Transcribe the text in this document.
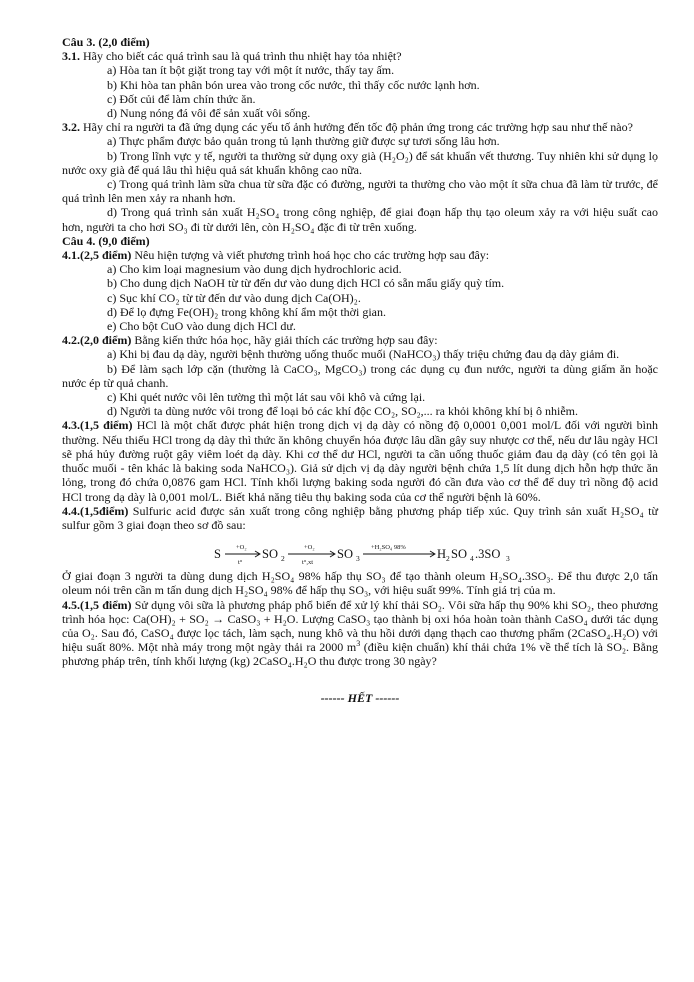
Câu 3. (2,0 điểm)

3.1. Hãy cho biết các quá trình sau là quá trình thu nhiệt hay tỏa nhiệt?

a) Hòa tan ít bột giặt trong tay với một ít nước, thấy tay ấm.

b) Khi hòa tan phân bón urea vào trong cốc nước, thì thấy cốc nước lạnh hơn.

c) Đốt củi để làm chín thức ăn.

d) Nung nóng đá vôi để sản xuất vôi sống.

3.2. Hãy chỉ ra người ta đã ứng dụng các yếu tố ảnh hưởng đến tốc độ phản ứng trong các trường hợp sau như thế nào?

a) Thực phẩm được bảo quản trong tủ lạnh thường giữ được sự tươi sống lâu hơn.

b) Trong lĩnh vực y tế, người ta thường sử dụng oxy già (H₂O₂) để sát khuẩn vết thương. Tuy nhiên khi sử dụng lọ nước oxy già để quá lâu thì hiệu quả sát khuẩn không cao nữa.

c) Trong quá trình làm sữa chua từ sữa đặc có đường, người ta thường cho vào một ít sữa chua đã làm từ trước, để quá trình lên men xảy ra nhanh hơn.

d) Trong quá trình sản xuất H₂SO₄ trong công nghiệp, để giai đoạn hấp thụ tạo oleum xảy ra với hiệu suất cao hơn, người ta cho hơi SO₃ đi từ dưới lên, còn H₂SO₄ đặc đi từ trên xuống.

Câu 4. (9,0 điểm)

4.1.(2,5 điểm) Nêu hiện tượng và viết phương trình hoá học cho các trường hợp sau đây:

a) Cho kim loại magnesium vào dung dịch hydrochloric acid.

b) Cho dung dịch NaOH từ từ đến dư vào dung dịch HCl có sẵn mẩu giấy quỳ tím.

c) Sục khí CO₂ từ từ đến dư vào dung dịch Ca(OH)₂.

d) Để lọ đựng Fe(OH)₂ trong không khí ẩm một thời gian.

e) Cho bột CuO vào dung dịch HCl dư.

4.2.(2,0 điểm) Bằng kiến thức hóa học, hãy giải thích các trường hợp sau đây:

a) Khi bị đau dạ dày, người bệnh thường uống thuốc muối (NaHCO₃) thấy triệu chứng đau dạ dày giảm đi.

b) Để làm sạch lớp cặn (thường là CaCO₃, MgCO₃) trong các dụng cụ đun nước, người ta dùng giấm ăn hoặc nước ép từ quả chanh.

c) Khi quét nước vôi lên tường thì một lát sau vôi khô và cứng lại.

d) Người ta dùng nước vôi trong để loại bỏ các khí độc CO₂, SO₂,... ra khỏi không khí bị ô nhiễm.

4.3.(1,5 điểm) HCl là một chất được phát hiện trong dịch vị dạ dày có nồng độ 0,0001 0,001 mol/L đối với người bình thường. Nếu thiếu HCl trong dạ dày thì thức ăn không chuyển hóa được lâu dần gây suy nhược cơ thể, nếu dư lâu ngày HCl sẽ phá hủy đường ruột gây viêm loét dạ dày. Khi cơ thể dư HCl, người ta cần uống thuốc giảm đau dạ dày (có tên gọi là thuốc muối - tên khác là baking soda NaHCO₃). Giả sử dịch vị dạ dày người bệnh chứa 1,5 lít dung dịch hỗn hợp thức ăn lỏng, trong đó chứa 0,0876 gam HCl. Tính khối lượng baking soda người đó cần đưa vào cơ thể để duy trì nồng độ acid HCl trong dạ dày là 0,001 mol/L. Biết khả năng tiêu thụ baking soda của cơ thể người bệnh là 60%.

4.4.(1,5điểm) Sulfuric acid được sản xuất trong công nghiệp bằng phương pháp tiếp xúc. Quy trình sản xuất H₂SO₄ từ sulfur gồm 3 giai đoạn theo sơ đồ sau:

S +O₂
t°
SO 2
+O₂
t°,xt
SO 3
+H₂SO₄ 98%	H 2 SO 4 .3SO 3

Ở giai đoạn 3 người ta dùng dung dịch H₂SO₄ 98% hấp thụ SO₃ để tạo thành oleum H₂SO₄.3SO₃. Để thu được 2,0 tấn oleum nói trên cần m tấn dung dịch H₂SO₄ 98% để hấp thụ SO₃, với hiệu suất 99%. Tính giá trị của m.

4.5.(1,5 điểm) Sử dụng vôi sữa là phương pháp phổ biến để xử lý khí thải SO₂. Vôi sữa hấp thụ 90% khi SO₂, theo phương trình hóa học: Ca(OH)₂ + SO₂ → CaSO₃ + H₂O. Lượng CaSO₃ tạo thành bị oxi hóa hoàn toàn thành CaSO₄ dưới tác dụng của O₂. Sau đó, CaSO₄ được lọc tách, làm sạch, nung khô và thu hồi dưới dạng thạch cao thương phẩm (2CaSO₄.H₂O) với hiệu suất 80%. Một nhà máy trong một ngày thải ra 2000 $m^3$ (điều kiện chuẩn) khí thải chứa 1% về thể tích là SO₂. Bằng phương pháp trên, tính khối lượng (kg) 2CaSO₄.H₂O thu được trong 30 ngày?

------ HẾT ------
